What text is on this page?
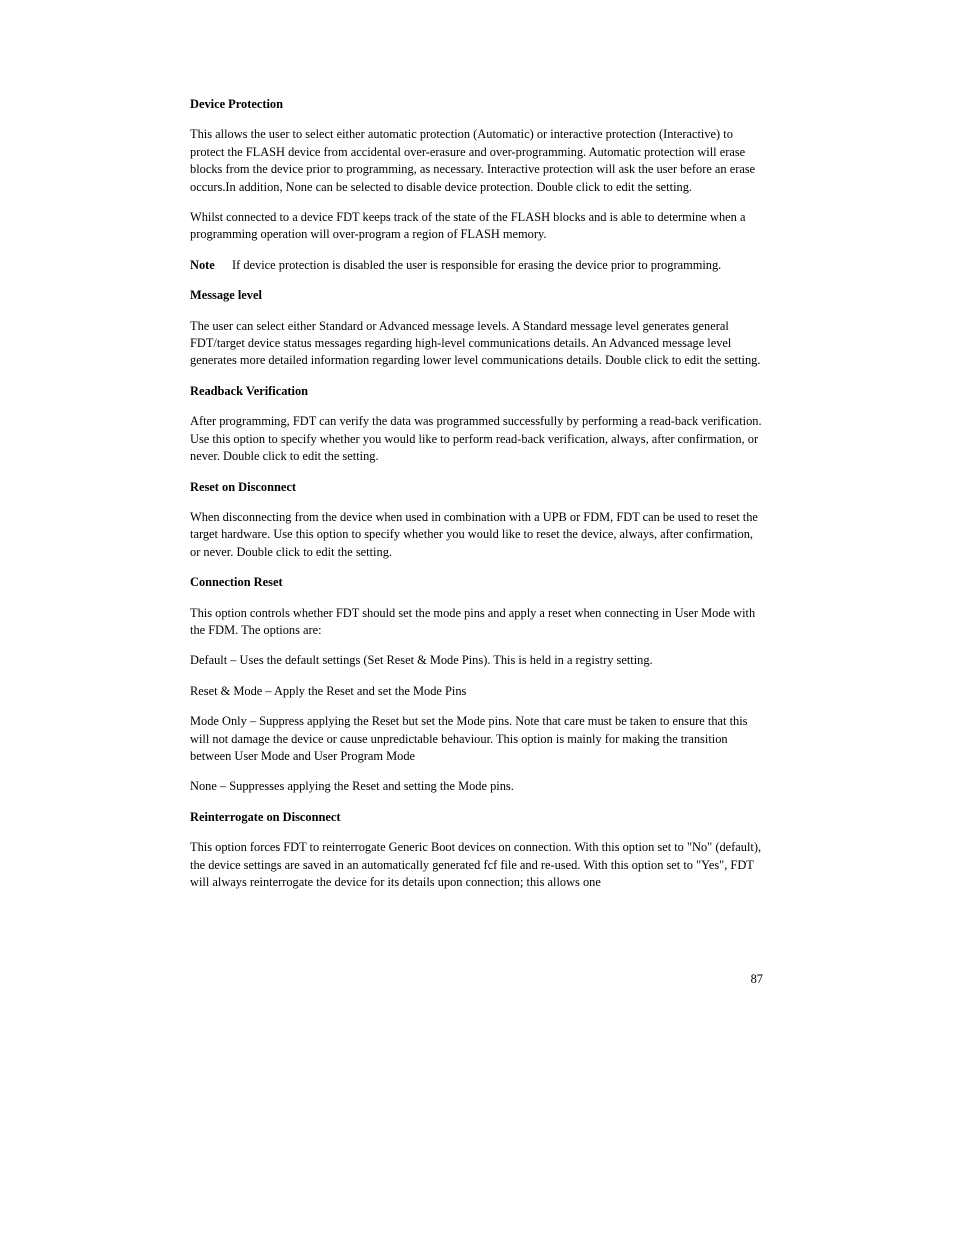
Device Protection
This allows the user to select either automatic protection (Automatic) or interactive protection (Interactive) to protect the FLASH device from accidental over-erasure and over-programming. Automatic protection will erase blocks from the device prior to programming, as necessary. Interactive protection will ask the user before an erase occurs.In addition, None can be selected to disable device protection. Double click to edit the setting.
Whilst connected to a device FDT keeps track of the state of the FLASH blocks and is able to determine when a programming operation will over-program a region of FLASH memory.
Note	If device protection is disabled the user is responsible for erasing the device prior to programming.
Message level
The user can select either Standard or Advanced message levels. A Standard message level generates general FDT/target device status messages regarding high-level communications details. An Advanced message level generates more detailed information regarding lower level communications details. Double click to edit the setting.
Readback Verification
After programming, FDT can verify the data was programmed successfully by performing a read-back verification. Use this option to specify whether you would like to perform read-back verification, always, after confirmation, or never. Double click to edit the setting.
Reset on Disconnect
When disconnecting from the device when used in combination with a UPB or FDM, FDT can be used to reset the target hardware. Use this option to specify whether you would like to reset the device, always, after confirmation, or never. Double click to edit the setting.
Connection Reset
This option controls whether FDT should set the mode pins and apply a reset when connecting in User Mode with the FDM. The options are:
Default – Uses the default settings (Set Reset & Mode Pins). This is held in a registry setting.
Reset & Mode – Apply the Reset and set the Mode Pins
Mode Only – Suppress applying the Reset but set the Mode pins. Note that care must be taken to ensure that this will not damage the device or cause unpredictable behaviour. This option is mainly for making the transition between User Mode and User Program Mode
None – Suppresses applying the Reset and setting the Mode pins.
Reinterrogate on Disconnect
This option forces FDT to reinterrogate Generic Boot devices on connection. With this option set to "No" (default), the device settings are saved in an automatically generated fcf file and re-used. With this option set to "Yes", FDT will always reinterrogate the device for its details upon connection; this allows one
87
